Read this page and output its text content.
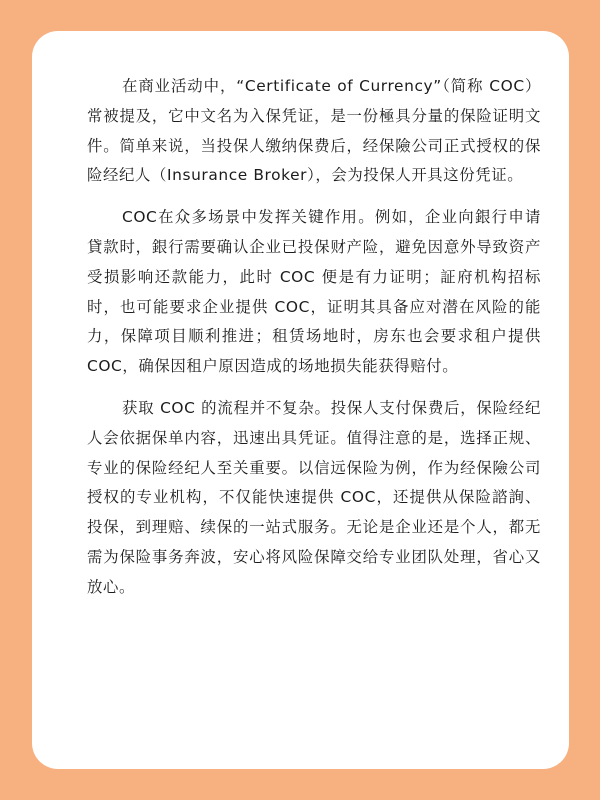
在商业活动中，“Certificate of Currency”（简称 COC）常被提及，它中文名为入保凭证，是一份極具分量的保险证明文件。简单来说，当投保人缴纳保费后，经保險公司正式授权的保险经纪人（Insurance Broker），会为投保人开具这份凭证。

COC在众多场景中发挥关键作用。例如，企业向銀行申请貸款时，銀行需要确认企业已投保财产险，避免因意外导致资产受损影响还款能力，此时 COC 便是有力证明；証府机构招标时，也可能要求企业提供 COC，证明其具备应对潜在风险的能力，保障项目顺利推进；租赁场地时，房东也会要求租户提供 COC，确保因租户原因造成的场地损失能获得赔付。

获取 COC 的流程并不复杂。投保人支付保费后，保险经纪人会依据保单内容，迅速出具凭证。值得注意的是，选择正规、专业的保险经纪人至关重要。以信远保险为例，作为经保險公司授权的专业机构，不仅能快速提供 COC，还提供从保险諮詢、投保，到理赔、续保的一站式服务。无论是企业还是个人，都无需为保险事务奔波，安心将风险保障交给专业团队处理，省心又放心。
